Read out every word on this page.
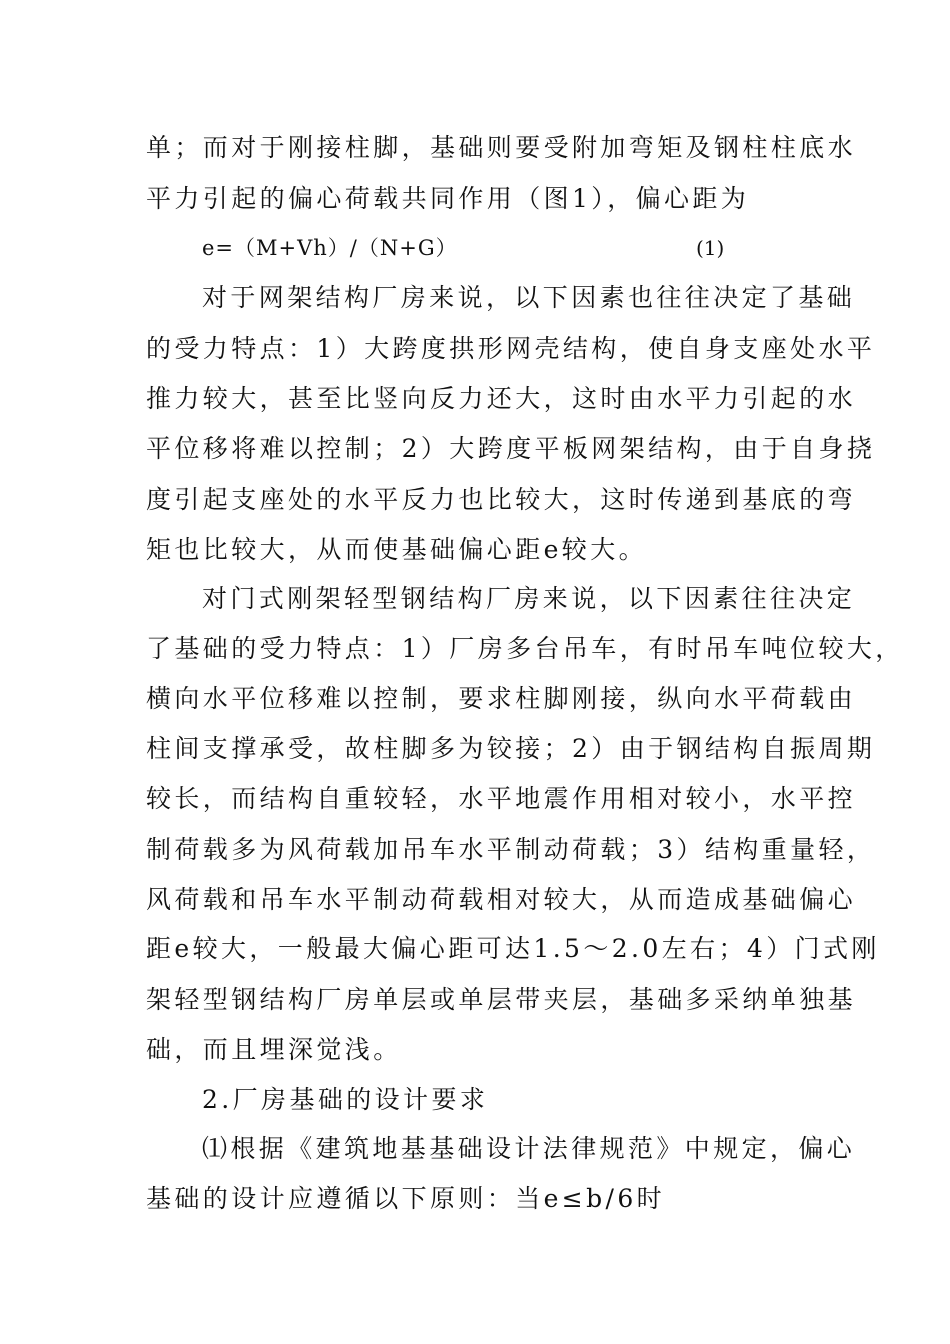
单；而对于刚接柱脚，基础则要受附加弯矩及钢柱柱底水
平力引起的偏心荷载共同作用（图1），偏心距为
e=（M+Vh）/（N+G）	(1)
对于网架结构厂房来说，以下因素也往往决定了基础
的受力特点：1）大跨度拱形网壳结构，使自身支座处水平
推力较大，甚至比竖向反力还大，这时由水平力引起的水
平位移将难以控制；2）大跨度平板网架结构，由于自身挠
度引起支座处的水平反力也比较大，这时传递到基底的弯
矩也比较大，从而使基础偏心距e较大。
对门式刚架轻型钢结构厂房来说，以下因素往往决定
了基础的受力特点：1）厂房多台吊车，有时吊车吨位较大，
横向水平位移难以控制，要求柱脚刚接，纵向水平荷载由
柱间支撑承受，故柱脚多为铰接；2）由于钢结构自振周期
较长，而结构自重较轻，水平地震作用相对较小，水平控
制荷载多为风荷载加吊车水平制动荷载；3）结构重量轻，
风荷载和吊车水平制动荷载相对较大，从而造成基础偏心
距e较大，一般最大偏心距可达1.5～2.0左右；4）门式刚
架轻型钢结构厂房单层或单层带夹层，基础多采纳单独基
础，而且埋深觉浅。
2.厂房基础的设计要求
⑴根据《建筑地基基础设计法律规范》中规定，偏心
基础的设计应遵循以下原则：当e≤b/6时
